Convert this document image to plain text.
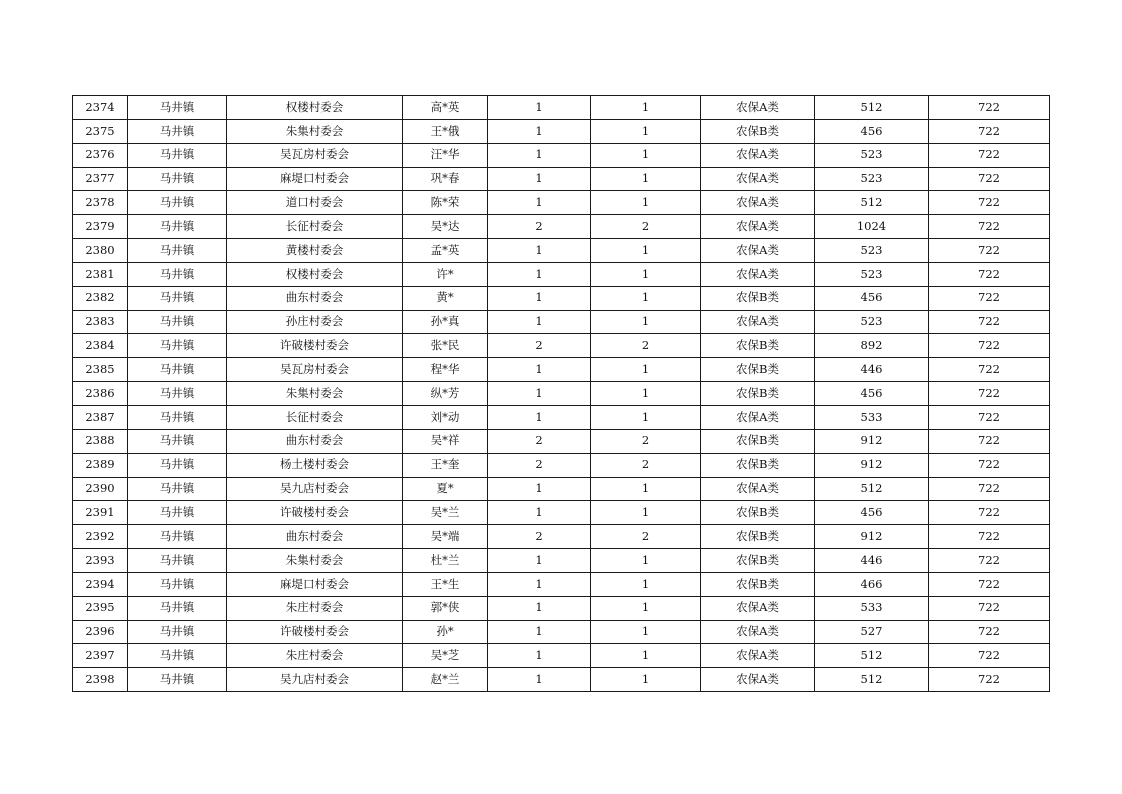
2374	马井镇	权楼村委会	高*英	1	1	农保A类	512	722
2375	马井镇	朱集村委会	王*俄	1	1	农保B类	456	722
2376	马井镇	吴瓦房村委会	汪*华	1	1	农保A类	523	722
2377	马井镇	麻堤口村委会	巩*春	1	1	农保A类	523	722
2378	马井镇	道口村委会	陈*荣	1	1	农保A类	512	722
2379	马井镇	长征村委会	吴*达	2	2	农保A类	1024	722
2380	马井镇	黄楼村委会	孟*英	1	1	农保A类	523	722
2381	马井镇	权楼村委会	许*	1	1	农保A类	523	722
2382	马井镇	曲东村委会	黄*	1	1	农保B类	456	722
2383	马井镇	孙庄村委会	孙*真	1	1	农保A类	523	722
2384	马井镇	许破楼村委会	张*民	2	2	农保B类	892	722
2385	马井镇	吴瓦房村委会	程*华	1	1	农保B类	446	722
2386	马井镇	朱集村委会	纵*芳	1	1	农保B类	456	722
2387	马井镇	长征村委会	刘*动	1	1	农保A类	533	722
2388	马井镇	曲东村委会	吴*祥	2	2	农保B类	912	722
2389	马井镇	杨土楼村委会	王*奎	2	2	农保B类	912	722
2390	马井镇	吴九店村委会	夏*	1	1	农保A类	512	722
2391	马井镇	许破楼村委会	吴*兰	1	1	农保B类	456	722
2392	马井镇	曲东村委会	吴*端	2	2	农保B类	912	722
2393	马井镇	朱集村委会	杜*兰	1	1	农保B类	446	722
2394	马井镇	麻堤口村委会	王*生	1	1	农保B类	466	722
2395	马井镇	朱庄村委会	郭*侠	1	1	农保A类	533	722
2396	马井镇	许破楼村委会	孙*	1	1	农保A类	527	722
2397	马井镇	朱庄村委会	吴*芝	1	1	农保A类	512	722
2398	马井镇	吴九店村委会	赵*兰	1	1	农保A类	512	722
